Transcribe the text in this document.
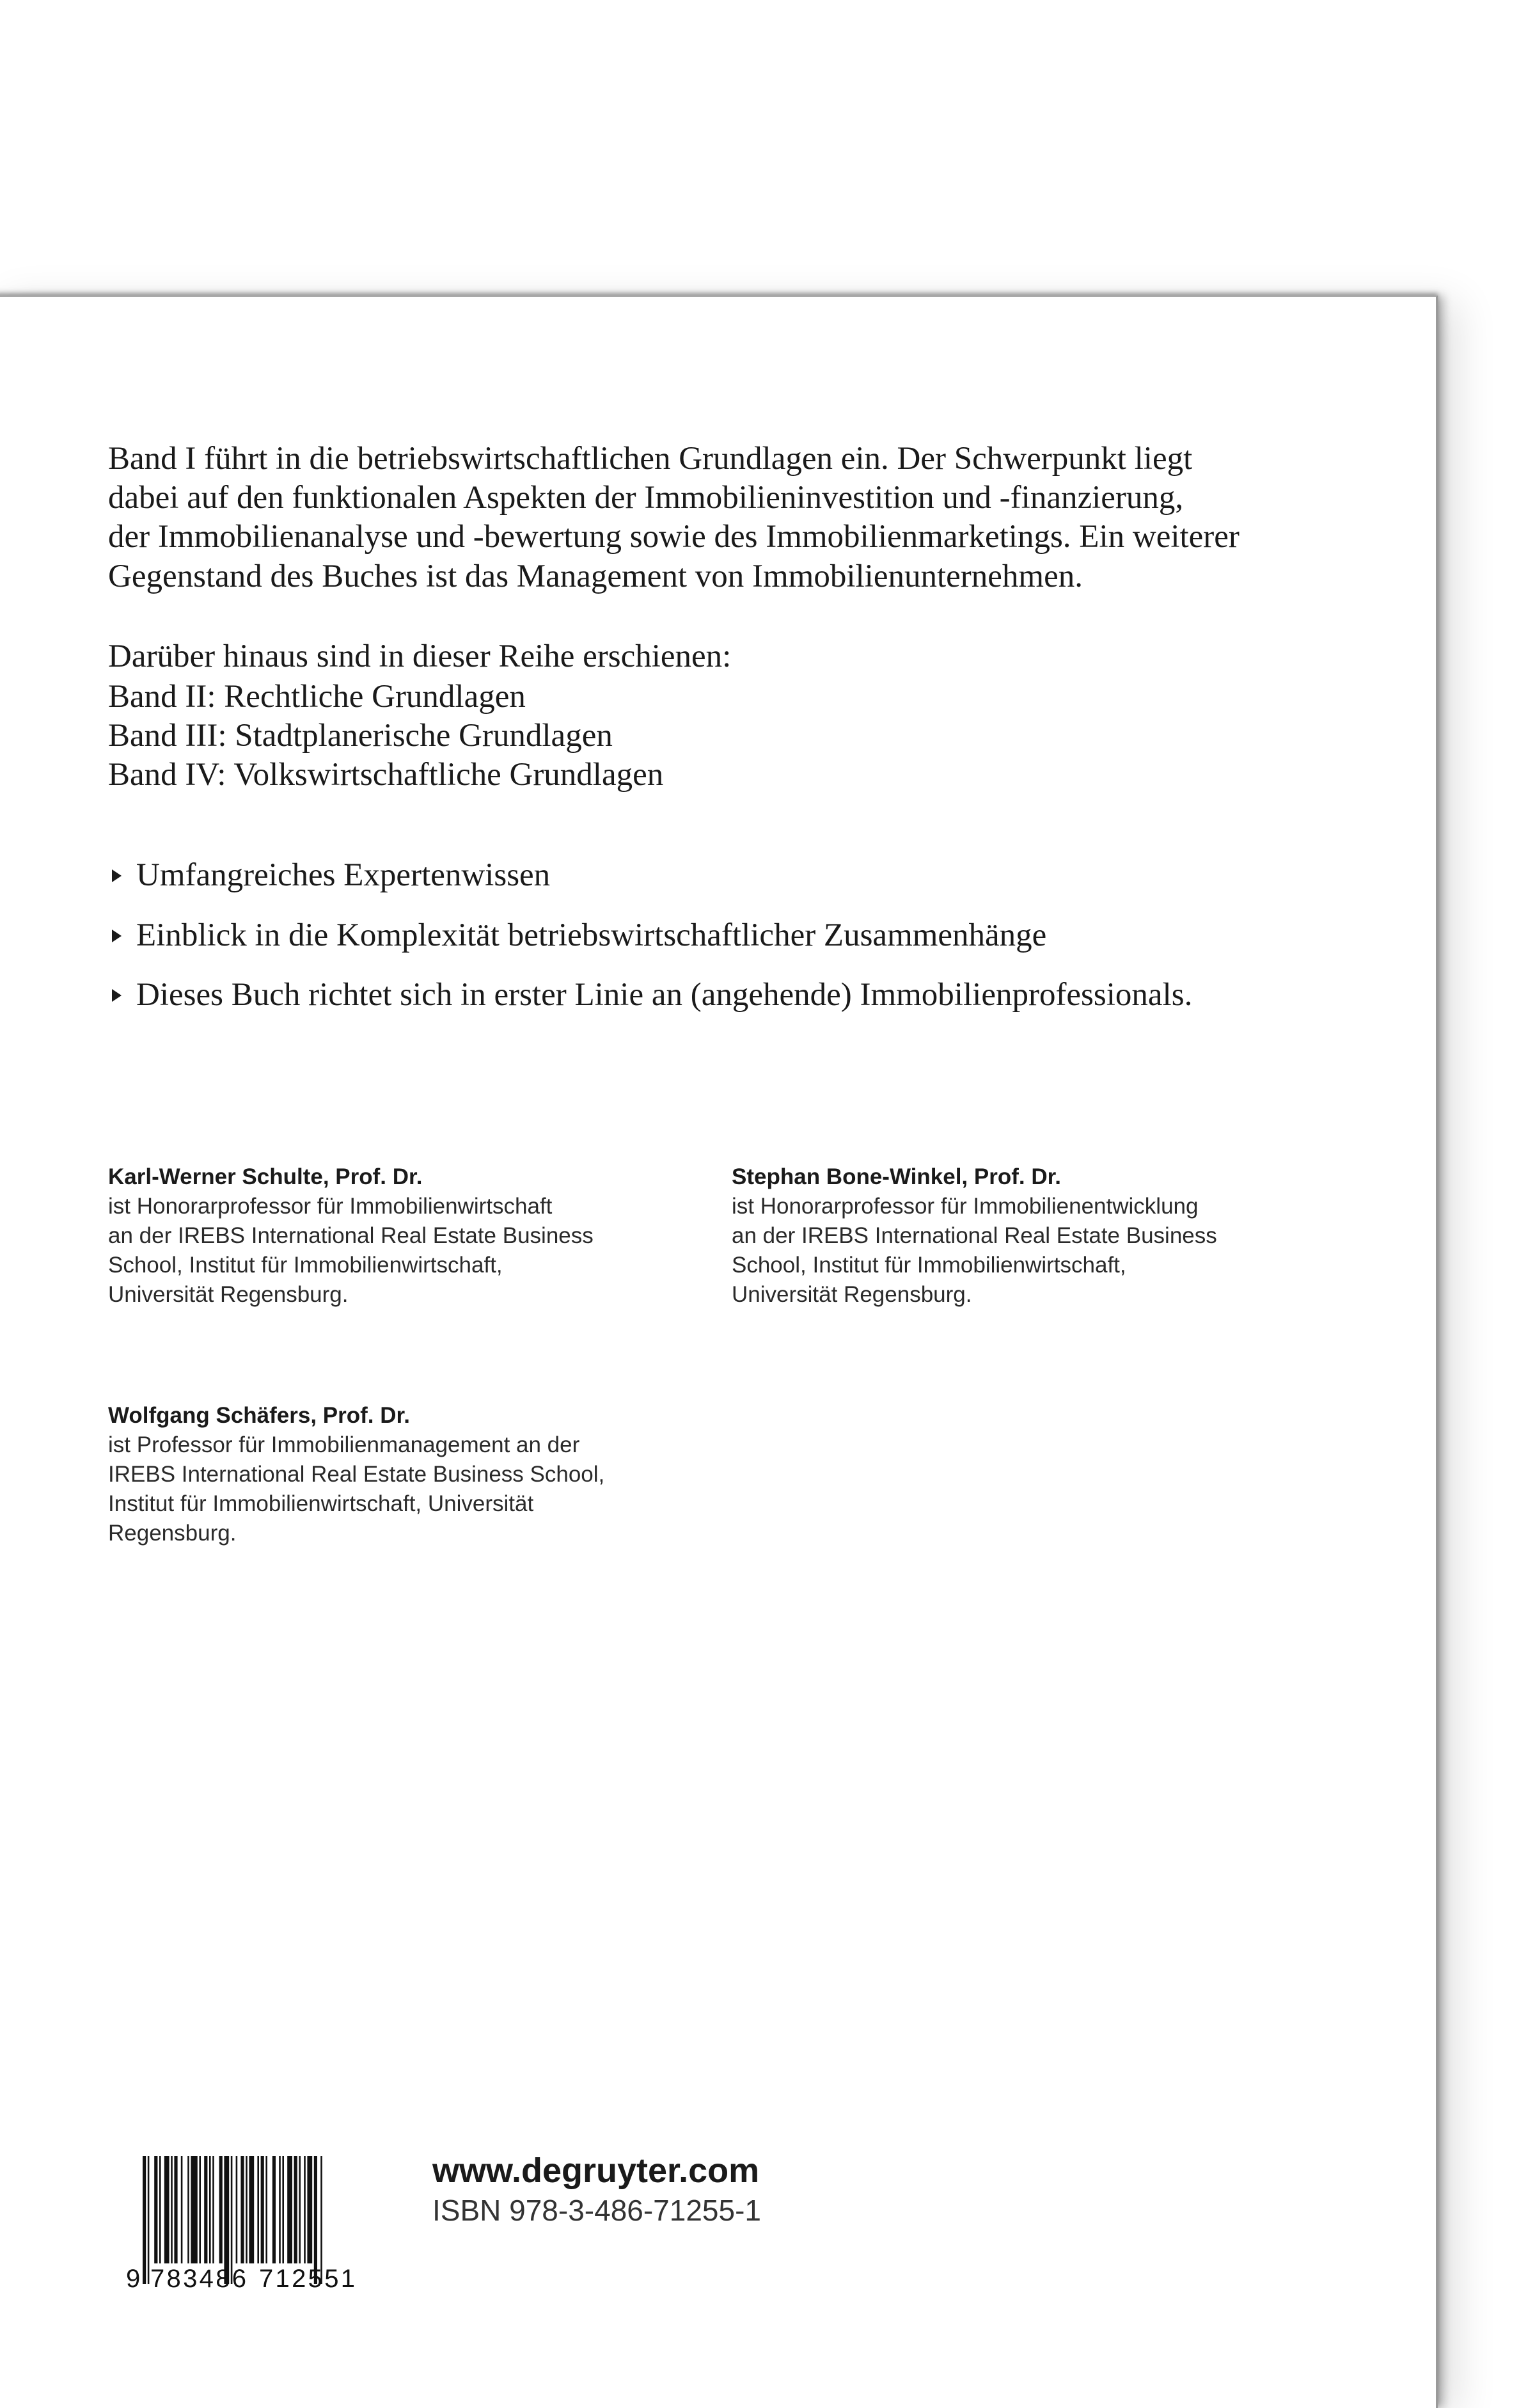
Band I führt in die betriebswirtschaftlichen Grundlagen ein. Der Schwerpunkt liegt
dabei auf den funktionalen Aspekten der Immobilieninvestition und -finanzierung,
der Immobilienanalyse und -bewertung sowie des Immobilienmarketings. Ein weiterer
Gegenstand des Buches ist das Management von Immobilienunternehmen.
Darüber hinaus sind in dieser Reihe erschienen:
Band II: Rechtliche Grundlagen
Band III: Stadtplanerische Grundlagen
Band IV: Volkswirtschaftliche Grundlagen
Umfangreiches Expertenwissen
Einblick in die Komplexität betriebswirtschaftlicher Zusammenhänge
Dieses Buch richtet sich in erster Linie an (angehende) Immobilienprofessionals.
Karl-Werner Schulte, Prof. Dr.
ist Honorarprofessor für Immobilienwirtschaft
an der IREBS International Real Estate Business
School, Institut für Immobilienwirtschaft,
Universität Regensburg.
Stephan Bone-Winkel, Prof. Dr.
ist Honorarprofessor für Immobilienentwicklung
an der IREBS International Real Estate Business
School, Institut für Immobilienwirtschaft,
Universität Regensburg.
Wolfgang Schäfers, Prof. Dr.
ist Professor für Immobilienmanagement an der
IREBS International Real Estate Business School,
Institut für Immobilienwirtschaft, Universität
Regensburg.
9 783486 712551
www.degruyter.com
ISBN 978-3-486-71255-1
